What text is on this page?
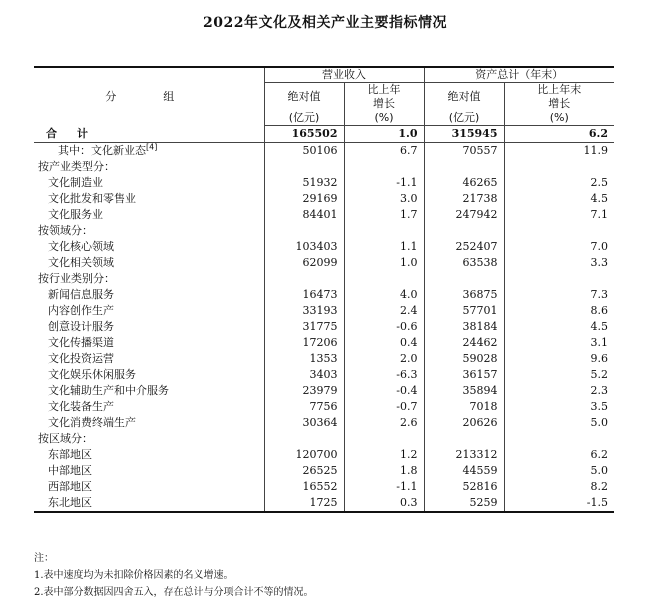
2022年文化及相关产业主要指标情况
分　组	营业收入		资产总计（年末）	
	绝对值	比上年	绝对值	比上年末
		增长		增长
	(亿元)	(%)	(亿元)	(%)
合计	165502	1.0	315945	6.2
其中：文化新业态[4]	50106	6.7	70557	11.9
按产业类型分：				
文化制造业	51932	-1.1	46265	2.5
文化批发和零售业	29169	3.0	21738	4.5
文化服务业	84401	1.7	247942	7.1
按领域分：				
文化核心领域	103403	1.1	252407	7.0
文化相关领域	62099	1.0	63538	3.3
按行业类别分：				
新闻信息服务	16473	4.0	36875	7.3
内容创作生产	33193	2.4	57701	8.6
创意设计服务	31775	-0.6	38184	4.5
文化传播渠道	17206	0.4	24462	3.1
文化投资运营	1353	2.0	59028	9.6
文化娱乐休闲服务	3403	-6.3	36157	5.2
文化辅助生产和中介服务	23979	-0.4	35894	2.3
文化装备生产	7756	-0.7	7018	3.5
文化消费终端生产	30364	2.6	20626	5.0
按区域分：				
东部地区	120700	1.2	213312	6.2
中部地区	26525	1.8	44559	5.0
西部地区	16552	-1.1	52816	8.2
东北地区	1725	0.3	5259	-1.5
注：
1.表中速度均为未扣除价格因素的名义增速。
2.表中部分数据因四舍五入，存在总计与分项合计不等的情况。
